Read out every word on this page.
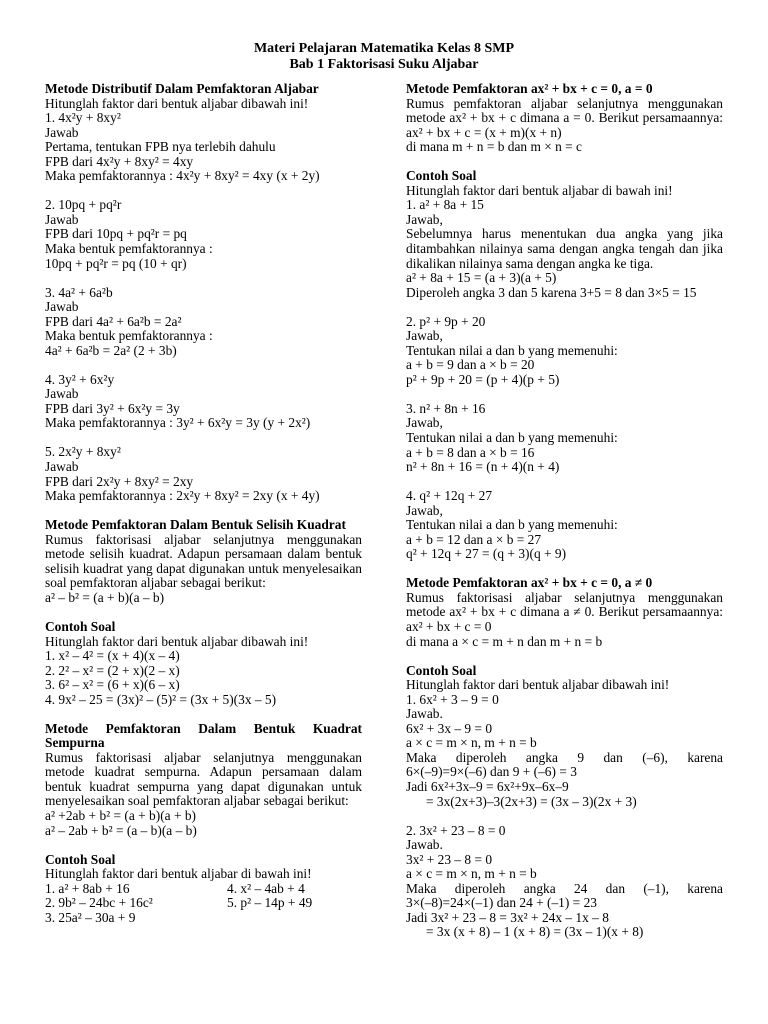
Materi Pelajaran Matematika Kelas 8 SMP
Bab 1 Faktorisasi Suku Aljabar
Metode Distributif Dalam Pemfaktoran Aljabar
Hitunglah faktor dari bentuk aljabar dibawah ini!
1. 4x²y + 8xy²
Jawab
Pertama, tentukan FPB nya terlebih dahulu
FPB dari 4x²y + 8xy² = 4xy
Maka pemfaktorannya : 4x²y + 8xy² = 4xy (x + 2y)
2. 10pq + pq²r
Jawab
FPB dari 10pq + pq²r = pq
Maka bentuk pemfaktorannya :
10pq + pq²r = pq (10 + qr)
3. 4a² + 6a²b
Jawab
FPB dari 4a² + 6a²b = 2a²
Maka bentuk pemfaktorannya :
4a² + 6a²b = 2a² (2 + 3b)
4. 3y² + 6x²y
Jawab
FPB dari 3y² + 6x²y = 3y
Maka pemfaktorannya : 3y² + 6x²y = 3y (y + 2x²)
5. 2x²y + 8xy²
Jawab
FPB dari 2x²y + 8xy² = 2xy
Maka pemfaktorannya : 2x²y + 8xy² = 2xy (x + 4y)
Metode Pemfaktoran Dalam Bentuk Selisih Kuadrat
Rumus faktorisasi aljabar selanjutnya menggunakan metode selisih kuadrat. Adapun persamaan dalam bentuk selisih kuadrat yang dapat digunakan untuk menyelesaikan soal pemfaktoran aljabar sebagai berikut:
a² – b² = (a + b)(a – b)
Contoh Soal
Hitunglah faktor dari bentuk aljabar dibawah ini!
1. x² – 4² = (x + 4)(x – 4)
2. 2² – x² = (2 + x)(2 – x)
3. 6² – x² = (6 + x)(6 – x)
4. 9x² – 25 = (3x)² – (5)² = (3x + 5)(3x – 5)
Metode Pemfaktoran Dalam Bentuk Kuadrat Sempurna
Rumus faktorisasi aljabar selanjutnya menggunakan metode kuadrat sempurna. Adapun persamaan dalam bentuk kuadrat sempurna yang dapat digunakan untuk menyelesaikan soal pemfaktoran aljabar sebagai berikut:
a² +2ab + b² = (a + b)(a + b)
a² – 2ab + b² = (a – b)(a – b)
Contoh Soal
Hitunglah faktor dari bentuk aljabar di bawah ini!
1. a² + 8ab + 16	4. x² – 4ab + 4
2. 9b² – 24bc + 16c²	5. p² – 14p + 49
3. 25a² – 30a + 9
Metode Pemfaktoran ax² + bx + c = 0, a = 0
Rumus pemfaktoran aljabar selanjutnya menggunakan metode ax² + bx + c dimana a = 0. Berikut persamaannya: ax² + bx + c = (x + m)(x + n)
di mana m + n = b dan m × n = c
Contoh Soal
Hitunglah faktor dari bentuk aljabar di bawah ini!
1. a² + 8a + 15
Jawab,
Sebelumnya harus menentukan dua angka yang jika ditambahkan nilainya sama dengan angka tengah dan jika dikalikan nilainya sama dengan angka ke tiga.
a² + 8a + 15 = (a + 3)(a + 5)
Diperoleh angka 3 dan 5 karena 3+5 = 8 dan 3×5 = 15
2. p² + 9p + 20
Jawab,
Tentukan nilai a dan b yang memenuhi:
a + b = 9 dan a × b = 20
p² + 9p + 20 = (p + 4)(p + 5)
3. n² + 8n + 16
Jawab,
Tentukan nilai a dan b yang memenuhi:
a + b = 8 dan a × b = 16
n² + 8n + 16 = (n + 4)(n + 4)
4. q² + 12q + 27
Jawab,
Tentukan nilai a dan b yang memenuhi:
a + b = 12 dan a × b = 27
q² + 12q + 27 = (q + 3)(q + 9)
Metode Pemfaktoran ax² + bx + c = 0, a ≠ 0
Rumus faktorisasi aljabar selanjutnya menggunakan metode ax² + bx + c dimana a ≠ 0. Berikut persamaannya: ax² + bx + c = 0
di mana a × c = m + n dan m + n = b
Contoh Soal
Hitunglah faktor dari bentuk aljabar dibawah ini!
1. 6x² + 3 – 9 = 0
Jawab.
6x² + 3x – 9 = 0
a × c = m × n, m + n = b
Maka diperoleh angka 9 dan (–6), karena
6×(–9)=9×(–6) dan 9 + (–6) = 3
Jadi 6x²+3x–9 = 6x²+9x–6x–9
= 3x(2x+3)–3(2x+3) = (3x – 3)(2x + 3)
2. 3x² + 23 – 8 = 0
Jawab.
3x² + 23 – 8 = 0
a × c = m × n, m + n = b
Maka diperoleh angka 24 dan (–1), karena
3×(–8)=24×(–1) dan 24 + (–1) = 23
Jadi 3x² + 23 – 8 = 3x² + 24x – 1x – 8
= 3x (x + 8) – 1 (x + 8) = (3x – 1)(x + 8)
